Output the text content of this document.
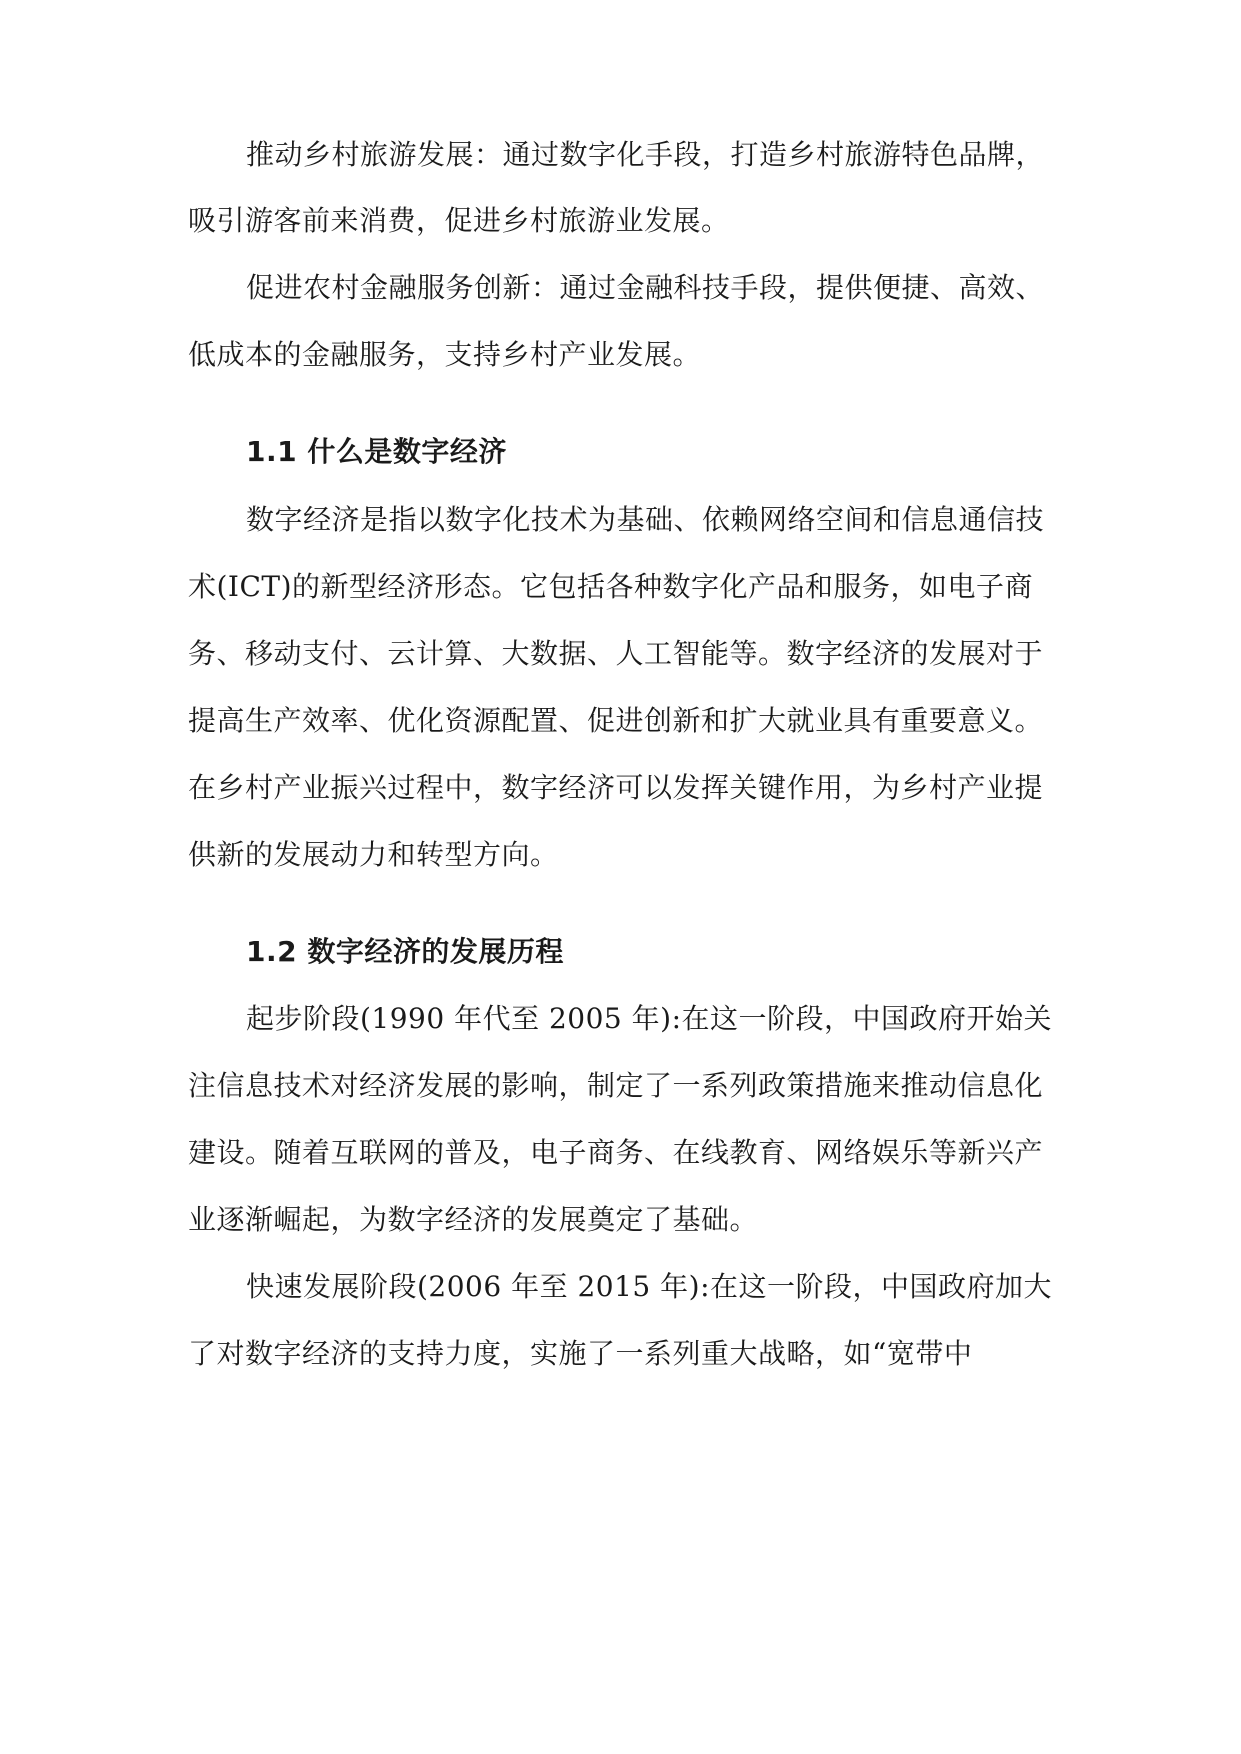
推动乡村旅游发展：通过数字化手段，打造乡村旅游特色品牌，
吸引游客前来消费，促进乡村旅游业发展。
促进农村金融服务创新：通过金融科技手段，提供便捷、高效、
低成本的金融服务，支持乡村产业发展。
1.1 什么是数字经济
数字经济是指以数字化技术为基础、依赖网络空间和信息通信技
术(ICT)的新型经济形态。它包括各种数字化产品和服务，如电子商
务、移动支付、云计算、大数据、人工智能等。数字经济的发展对于
提高生产效率、优化资源配置、促进创新和扩大就业具有重要意义。
在乡村产业振兴过程中，数字经济可以发挥关键作用，为乡村产业提
供新的发展动力和转型方向。
1.2 数字经济的发展历程
起步阶段(1990 年代至 2005 年):在这一阶段，中国政府开始关
注信息技术对经济发展的影响，制定了一系列政策措施来推动信息化
建设。随着互联网的普及，电子商务、在线教育、网络娱乐等新兴产
业逐渐崛起，为数字经济的发展奠定了基础。
快速发展阶段(2006 年至 2015 年):在这一阶段，中国政府加大
了对数字经济的支持力度，实施了一系列重大战略，如“宽带中
